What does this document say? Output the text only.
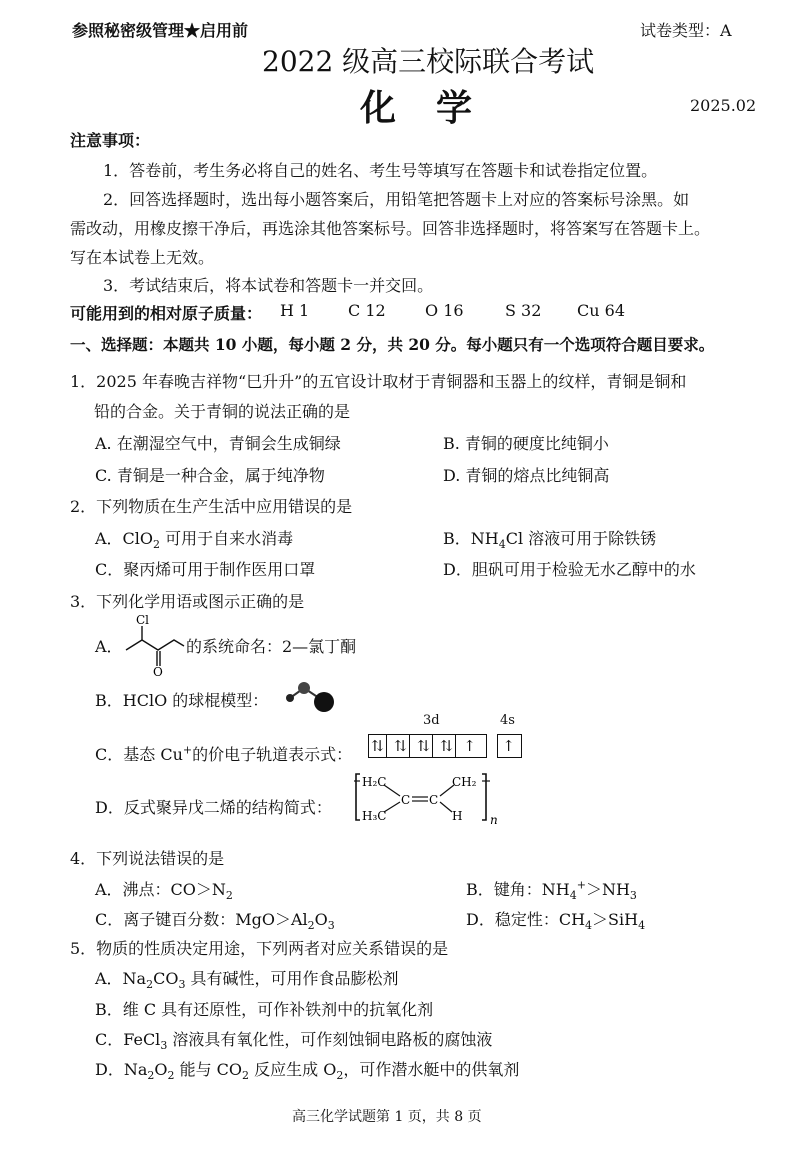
参照秘密级管理★启用前	试卷类型：A
2022 级高三校际联合考试
化　学	2025.02
注意事项：
1．答卷前，考生务必将自己的姓名、考生号等填写在答题卡和试卷指定位置。
2．回答选择题时，选出每小题答案后，用铅笔把答题卡上对应的答案标号涂黑。如
需改动，用橡皮擦干净后，再选涂其他答案标号。回答非选择题时，将答案写在答题卡上。
写在本试卷上无效。
3．考试结束后，将本试卷和答题卡一并交回。
可能用到的相对原子质量： H 1 C 12 O 16	S 32 Cu 64
一、选择题：本题共 10 小题，每小题 2 分，共 20 分。每小题只有一个选项符合题目要求。
1．2025 年春晚吉祥物“巳升升”的五官设计取材于青铜器和玉器上的纹样，青铜是铜和
铅的合金。关于青铜的说法正确的是
A. 在潮湿空气中，青铜会生成铜绿	B. 青铜的硬度比纯铜小
C. 青铜是一种合金，属于纯净物	D. 青铜的熔点比纯铜高
2．下列物质在生产生活中应用错误的是
A．ClO$_2$ 可用于自来水消毒	B．$NH_4Cl$ 溶液可用于除铁锈
C．聚丙烯可用于制作医用口罩	D．胆矾可用于检验无水乙醇中的水
3．下列化学用语或图示正确的是
A．
Cl
O
的系统命名：2—氯丁酮
B．HClO 的球棍模型：
C．基态 Cu+的价电子轨道表示式：
3d	4s
⇅ ⇅ ⇅ ⇅ ↑ ↑
D．反式聚异戊二烯的结构简式：
H₂C	CH₂
H₃C	H
C C
n
4．下列说法错误的是
A．沸点：$CO>N_2$	B．键角：$NH_4^+>NH_3$
C．离子键百分数：$MgO>Al_2O_3$	D．稳定性：$CH_4>SiH_4$
5．物质的性质决定用途，下列两者对应关系错误的是
A．$Na_2CO_3$ 具有碱性，可用作食品膨松剂
B．维 C 具有还原性，可作补铁剂中的抗氧化剂
C．FeCl$_3$ 溶液具有氧化性，可作刻蚀铜电路板的腐蚀液
D．$Na_2O_2$ 能与 $CO_2$ 反应生成 $O_2$，可作潜水艇中的供氧剂
高三化学试题第 1 页，共 8 页
